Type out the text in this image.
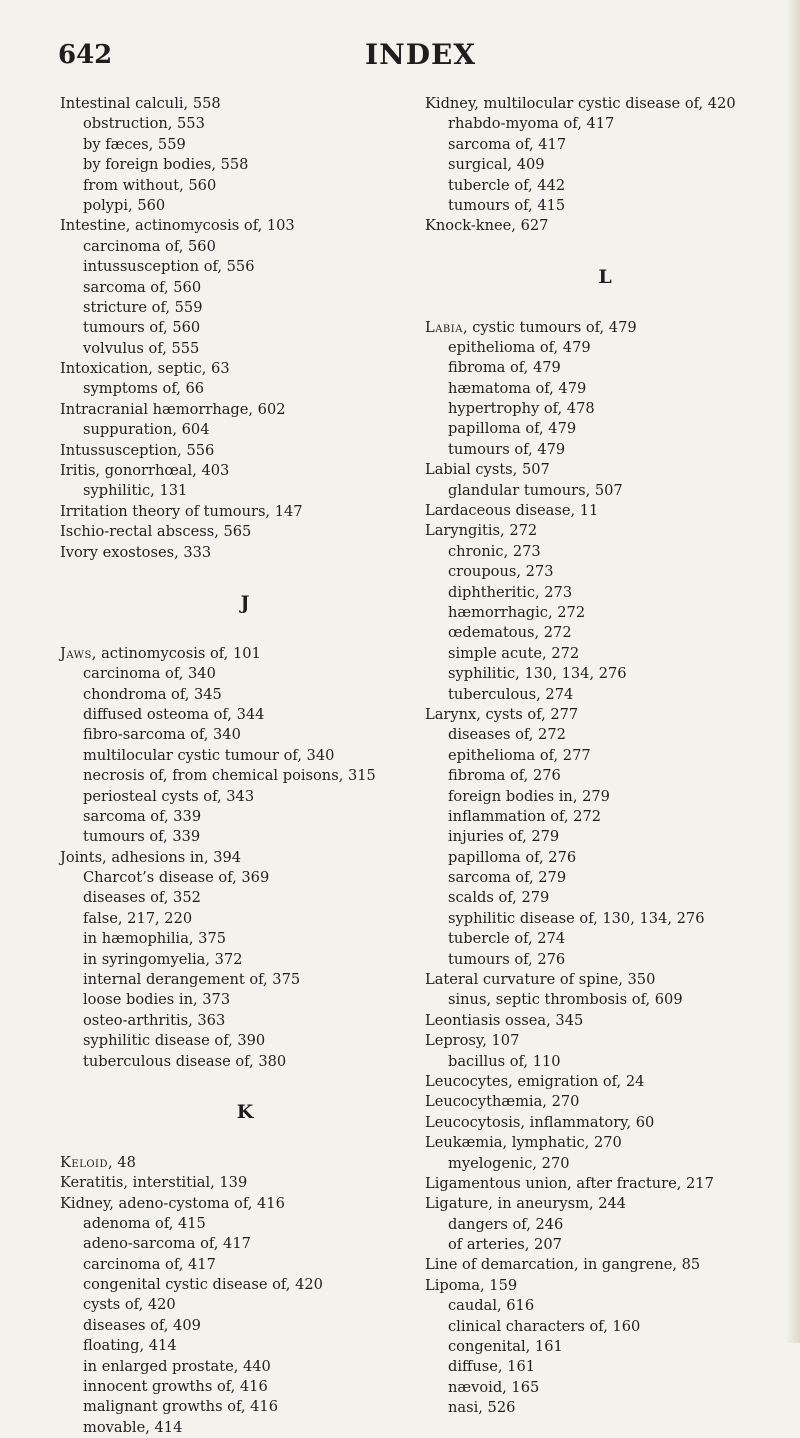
642	INDEX
Intestinal calculi, 558
obstruction, 553
by fæces, 559
by foreign bodies, 558
from without, 560
polypi, 560
Intestine, actinomycosis of, 103
carcinoma of, 560
intussusception of, 556
sarcoma of, 560
stricture of, 559
tumours of, 560
volvulus of, 555
Intoxication, septic, 63
symptoms of, 66
Intracranial hæmorrhage, 602
suppuration, 604
Intussusception, 556
Iritis, gonorrhœal, 403
syphilitic, 131
Irritation theory of tumours, 147
Ischio-rectal abscess, 565
Ivory exostoses, 333
J
Jaws, actinomycosis of, 101
carcinoma of, 340
chondroma of, 345
diffused osteoma of, 344
fibro-sarcoma of, 340
multilocular cystic tumour of, 340
necrosis of, from chemical poisons, 315
periosteal cysts of, 343
sarcoma of, 339
tumours of, 339
Joints, adhesions in, 394
Charcot’s disease of, 369
diseases of, 352
false, 217, 220
in hæmophilia, 375
in syringomyelia, 372
internal derangement of, 375
loose bodies in, 373
osteo-arthritis, 363
syphilitic disease of, 390
tuberculous disease of, 380
K
Keloid, 48
Keratitis, interstitial, 139
Kidney, adeno-cystoma of, 416
adenoma of, 415
adeno-sarcoma of, 417
carcinoma of, 417
congenital cystic disease of, 420
cysts of, 420
diseases of, 409
floating, 414
in enlarged prostate, 440
innocent growths of, 416
malignant growths of, 416
movable, 414
Kidney, multilocular cystic disease of, 420
rhabdo-myoma of, 417
sarcoma of, 417
surgical, 409
tubercle of, 442
tumours of, 415
Knock-knee, 627
L
Labia, cystic tumours of, 479
epithelioma of, 479
fibroma of, 479
hæmatoma of, 479
hypertrophy of, 478
papilloma of, 479
tumours of, 479
Labial cysts, 507
glandular tumours, 507
Lardaceous disease, 11
Laryngitis, 272
chronic, 273
croupous, 273
diphtheritic, 273
hæmorrhagic, 272
œdematous, 272
simple acute, 272
syphilitic, 130, 134, 276
tuberculous, 274
Larynx, cysts of, 277
diseases of, 272
epithelioma of, 277
fibroma of, 276
foreign bodies in, 279
inflammation of, 272
injuries of, 279
papilloma of, 276
sarcoma of, 279
scalds of, 279
syphilitic disease of, 130, 134, 276
tubercle of, 274
tumours of, 276
Lateral curvature of spine, 350
sinus, septic thrombosis of, 609
Leontiasis ossea, 345
Leprosy, 107
bacillus of, 110
Leucocytes, emigration of, 24
Leucocythæmia, 270
Leucocytosis, inflammatory, 60
Leukæmia, lymphatic, 270
myelogenic, 270
Ligamentous union, after fracture, 217
Ligature, in aneurysm, 244
dangers of, 246
of arteries, 207
Line of demarcation, in gangrene, 85
Lipoma, 159
caudal, 616
clinical characters of, 160
congenital, 161
diffuse, 161
nævoid, 165
nasi, 526
